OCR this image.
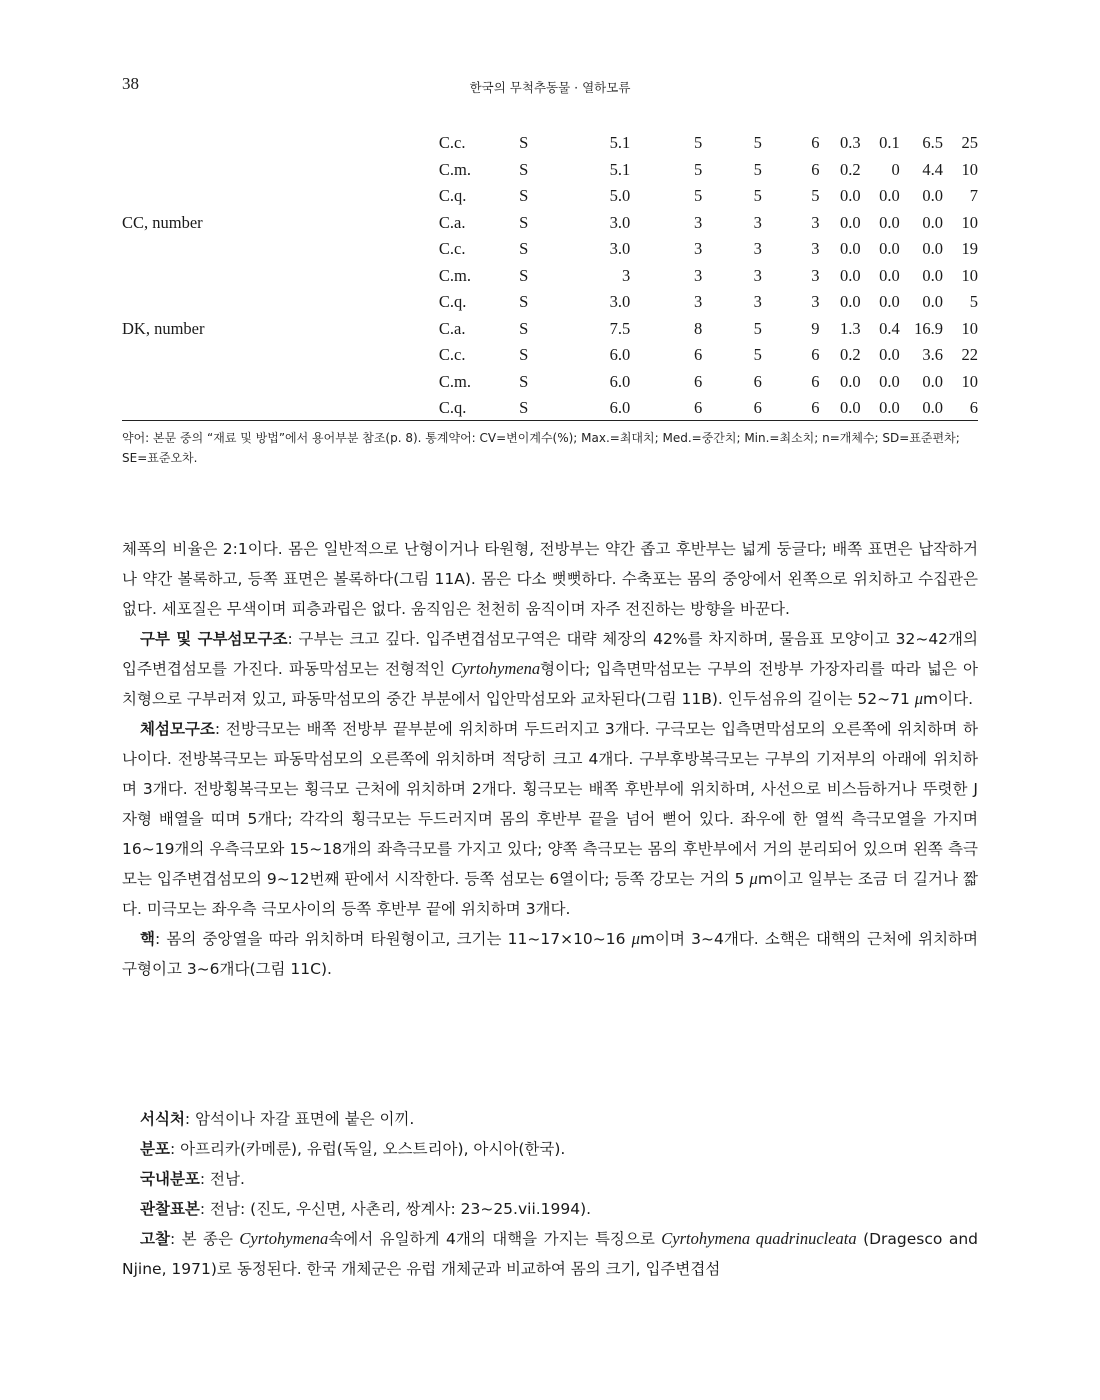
38	한국의 무척추동물 · 열하모류
	C.c.	S	5.1	5	5	6	0.3	0.1	6.5	25
	C.m.	S	5.1	5	5	6	0.2	0	4.4	10
	C.q.	S	5.0	5	5	5	0.0	0.0	0.0	7
CC, number	C.a.	S	3.0	3	3	3	0.0	0.0	0.0	10
	C.c.	S	3.0	3	3	3	0.0	0.0	0.0	19
	C.m.	S	3	3	3	3	0.0	0.0	0.0	10
	C.q.	S	3.0	3	3	3	0.0	0.0	0.0	5
DK, number	C.a.	S	7.5	8	5	9	1.3	0.4	16.9	10
	C.c.	S	6.0	6	5	6	0.2	0.0	3.6	22
	C.m.	S	6.0	6	6	6	0.0	0.0	0.0	10
	C.q.	S	6.0	6	6	6	0.0	0.0	0.0	6
약어: 본문 중의 “재료 및 방법”에서 용어부분 참조(p. 8). 통계약어: CV=변이계수(%); Max.=최대치; Med.=중간치; Min.=최소치; n=개체수; SD=표준편차; SE=표준오차.

체폭의 비율은 2:1이다. 몸은 일반적으로 난형이거나 타원형, 전방부는 약간 좁고 후반부는 넓게 둥글다; 배쪽 표면은 납작하거나 약간 볼록하고, 등쪽 표면은 볼록하다(그림 11A). 몸은 다소 뻣뻣하다. 수축포는 몸의 중앙에서 왼쪽으로 위치하고 수집관은 없다. 세포질은 무색이며 피층과립은 없다. 움직임은 천천히 움직이며 자주 전진하는 방향을 바꾼다.

구부 및 구부섬모구조: 구부는 크고 깊다. 입주변겹섬모구역은 대략 체장의 42%를 차지하며, 물음표 모양이고 32~42개의 입주변겹섬모를 가진다. 파동막섬모는 전형적인 Cyrtohymena형이다; 입측면막섬모는 구부의 전방부 가장자리를 따라 넓은 아치형으로 구부러져 있고, 파동막섬모의 중간 부분에서 입안막섬모와 교차된다(그림 11B). 인두섬유의 길이는 52~71 μm이다.

체섬모구조: 전방극모는 배쪽 전방부 끝부분에 위치하며 두드러지고 3개다. 구극모는 입측면막섬모의 오른쪽에 위치하며 하나이다. 전방복극모는 파동막섬모의 오른쪽에 위치하며 적당히 크고 4개다. 구부후방복극모는 구부의 기저부의 아래에 위치하며 3개다. 전방횡복극모는 횡극모 근처에 위치하며 2개다. 횡극모는 배쪽 후반부에 위치하며, 사선으로 비스듬하거나 뚜렷한 J자형 배열을 띠며 5개다; 각각의 횡극모는 두드러지며 몸의 후반부 끝을 넘어 뻗어 있다. 좌우에 한 열씩 측극모열을 가지며 16~19개의 우측극모와 15~18개의 좌측극모를 가지고 있다; 양쪽 측극모는 몸의 후반부에서 거의 분리되어 있으며 왼쪽 측극모는 입주변겹섬모의 9~12번째 판에서 시작한다. 등쪽 섬모는 6열이다; 등쪽 강모는 거의 5 μm이고 일부는 조금 더 길거나 짧다. 미극모는 좌우측 극모사이의 등쪽 후반부 끝에 위치하며 3개다.

핵: 몸의 중앙열을 따라 위치하며 타원형이고, 크기는 11~17×10~16 μm이며 3~4개다. 소핵은 대핵의 근처에 위치하며 구형이고 3~6개다(그림 11C).

서식처: 암석이나 자갈 표면에 붙은 이끼.

분포: 아프리카(카메룬), 유럽(독일, 오스트리아), 아시아(한국).

국내분포: 전남.

관찰표본: 전남: (진도, 우신면, 사촌리, 쌍계사: 23~25.vii.1994).

고찰: 본 종은 Cyrtohymena속에서 유일하게 4개의 대핵을 가지는 특징으로 Cyrtohymena quadrinucleata (Dragesco and Njine, 1971)로 동정된다. 한국 개체군은 유럽 개체군과 비교하여 몸의 크기, 입주변겹섬
